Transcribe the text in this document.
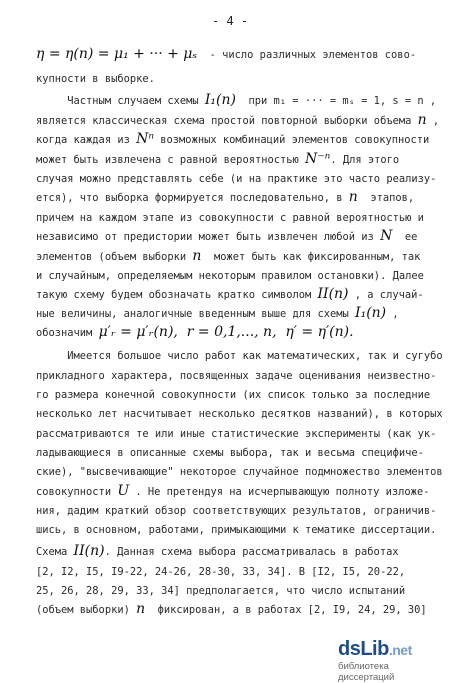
- 4 -
η = η(n) = μ₁ + ··· + μₛ  - число различных элементов сово-
купности в выборке.
Частным случаем схемы I₁(n)  при m₁ = ··· = mₛ = 1, s = n ,
является классическая схема простой повторной выборки объема n ,
когда каждая из Nⁿ возможных комбинаций элементов совокупности
может быть извлечена с равной вероятностью N⁻ⁿ. Для этого
случая можно представлять себе (и на практике это часто реализу-
ется), что выборка формируется последовательно, в n  этапов,
причем на каждом этапе из совокупности с равной вероятностью и
независимо от предистории может быть извлечен любой из N  ее
элементов (объем выборки n  может быть как фиксированным, так
и случайным, определяемым некоторым правилом остановки). Далее
такую схему будем обозначать кратко символом II(n) , а случай-
ные величины, аналогичные введенным выше для схемы I₁(n) ,
обозначим μ′ᵣ = μ′ᵣ(n),  r = 0,1,..., n,  η′ = η′(n).
Имеется большое число работ как математических, так и сугубо
прикладного характера, посвященных задаче оценивания неизвестно-
го размера конечной совокупности (их список только за последние
несколько лет насчитывает несколько десятков названий), в которых
рассматриваются те или иные статистические эксперименты (как ук-
ладывающиеся в описанные схемы выбора, так и весьма специфиче-
ские), "высвечивающие" некоторое случайное подмножество элементов
совокупности U . Не претендуя на исчерпывающую полноту изложе-
ния, дадим краткий обзор соответствующих результатов, ограничив-
шись, в основном, работами, примыкающими к тематике диссертации.
Схема II(n). Данная схема выбора рассматривалась в работах
[2, I2, I5, I9-22, 24-26, 28-30, 33, 34]. В [I2, I5, 20-22,
25, 26, 28, 29, 33, 34] предполагается, что число испытаний
(объем выборки) n  фиксирован, а в работах [2, I9, 24, 29, 30]
dsLib.net
библиотека диссертаций
